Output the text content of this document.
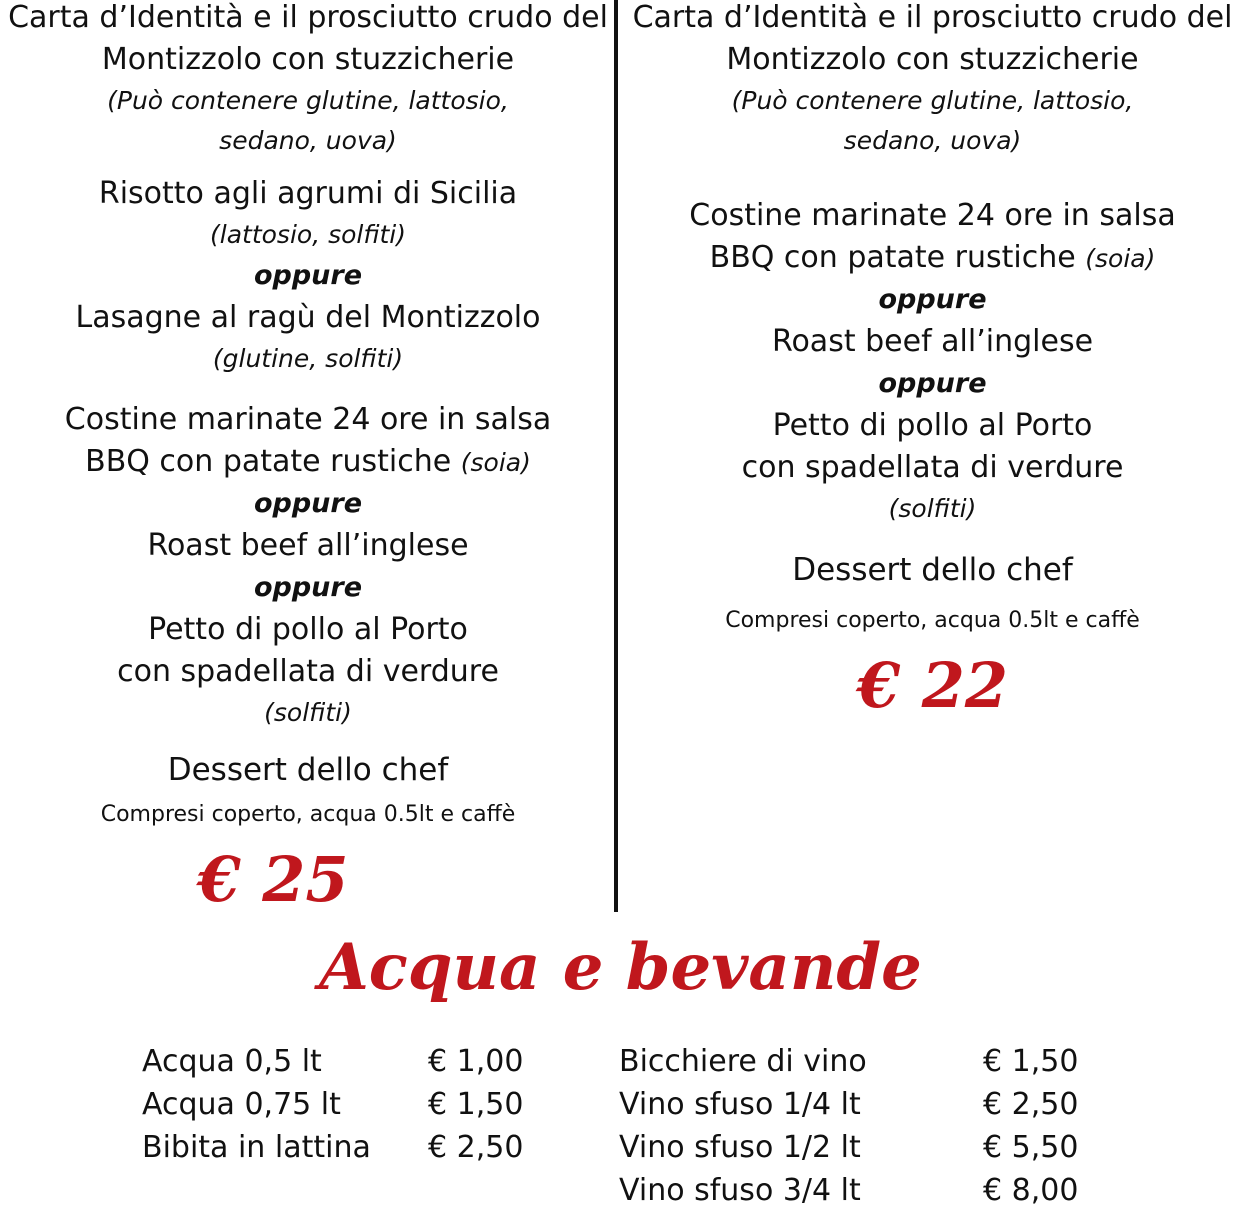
Carta d’Identità e il prosciutto crudo del Montizzolo con stuzzicherie

(Può contenere glutine, lattosio,

sedano, uova)

Risotto agli agrumi di Sicilia

(lattosio, solfiti)

oppure

Lasagne al ragù del Montizzolo

(glutine, solfiti)

Costine marinate 24 ore in salsa

BBQ con patate rustiche (soia)

oppure

Roast beef all’inglese

oppure

Petto di pollo al Porto

con spadellata di verdure

(solfiti)

Dessert dello chef

Compresi coperto, acqua 0.5lt e caffè

€ 25

Carta d’Identità e il prosciutto crudo del Montizzolo con stuzzicherie

(Può contenere glutine, lattosio,

sedano, uova)

Costine marinate 24 ore in salsa

BBQ con patate rustiche (soia)

oppure

Roast beef all’inglese

oppure

Petto di pollo al Porto

con spadellata di verdure

(solfiti)

Dessert dello chef

Compresi coperto, acqua 0.5lt e caffè

€ 22

Acqua e bevande

Acqua 0,5 lt	€ 1,00
Acqua 0,75 lt	€ 1,50
Bibita in lattina	€ 2,50
Bicchiere di vino	€ 1,50
Vino sfuso 1/4 lt	€ 2,50
Vino sfuso 1/2 lt	€ 5,50
Vino sfuso 3/4 lt	€ 8,00
